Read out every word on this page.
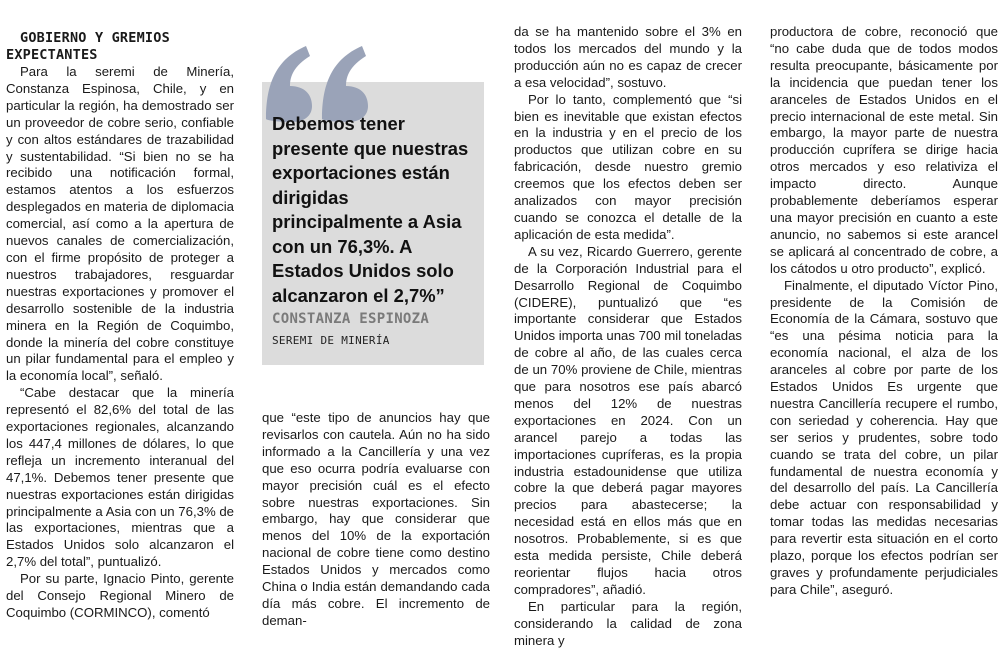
GOBIERNO Y GREMIOS EXPECTANTES

Para la seremi de Minería, Constanza Espinosa, Chile, y en particular la región, ha demostrado ser un proveedor de cobre serio, confiable y con altos estándares de trazabilidad y sustentabilidad. “Si bien no se ha recibido una notificación formal, estamos atentos a los esfuerzos desplegados en materia de diplomacia comercial, así como a la apertura de nuevos canales de comercialización, con el firme propósito de proteger a nuestros trabajadores, resguardar nuestras exportaciones y promover el desarrollo sostenible de la industria minera en la Región de Coquimbo, donde la minería del cobre constituye un pilar fundamental para el empleo y la economía local”, señaló.

“Cabe destacar que la minería representó el 82,6% del total de las exportaciones regionales, alcanzando los 447,4 millones de dólares, lo que refleja un incremento interanual del 47,1%. Debemos tener presente que nuestras exportaciones están dirigidas principalmente a Asia con un 76,3% de las exportaciones, mientras que a Estados Unidos solo alcanzaron el 2,7% del total”, puntualizó.

Por su parte, Ignacio Pinto, gerente del Consejo Regional Minero de Coquimbo (CORMINCO), comentó

Debemos tener presente que nuestras exportaciones están dirigidas principalmente a Asia con un 76,3%. A Estados Unidos solo alcanzaron el 2,7%”
CONSTANZA ESPINOZA
SEREMI DE MINERÍA

que “este tipo de anuncios hay que revisarlos con cautela. Aún no ha sido informado a la Cancillería y una vez que eso ocurra podría evaluarse con mayor precisión cuál es el efecto sobre nuestras exportaciones. Sin embargo, hay que considerar que menos del 10% de la exportación nacional de cobre tiene como destino Estados Unidos y mercados como China o India están demandando cada día más cobre. El incremento de deman-

da se ha mantenido sobre el 3% en todos los mercados del mundo y la producción aún no es capaz de crecer a esa velocidad”, sostuvo.

Por lo tanto, complementó que “si bien es inevitable que existan efectos en la industria y en el precio de los productos que utilizan cobre en su fabricación, desde nuestro gremio creemos que los efectos deben ser analizados con mayor precisión cuando se conozca el detalle de la aplicación de esta medida”.

A su vez, Ricardo Guerrero, gerente de la Corporación Industrial para el Desarrollo Regional de Coquimbo (CIDERE), puntualizó que “es importante considerar que Estados Unidos importa unas 700 mil toneladas de cobre al año, de las cuales cerca de un 70% proviene de Chile, mientras que para nosotros ese país abarcó menos del 12% de nuestras exportaciones en 2024. Con un arancel parejo a todas las importaciones cupríferas, es la propia industria estadounidense que utiliza cobre la que deberá pagar mayores precios para abastecerse; la necesidad está en ellos más que en nosotros. Probablemente, si es que esta medida persiste, Chile deberá reorientar flujos hacia otros compradores”, añadió.

En particular para la región, considerando la calidad de zona minera y

productora de cobre, reconoció que “no cabe duda que de todos modos resulta preocupante, básicamente por la incidencia que puedan tener los aranceles de Estados Unidos en el precio internacional de este metal. Sin embargo, la mayor parte de nuestra producción cuprífera se dirige hacia otros mercados y eso relativiza el impacto directo. Aunque probablemente deberíamos esperar una mayor precisión en cuanto a este anuncio, no sabemos si este arancel se aplicará al concentrado de cobre, a los cátodos u otro producto”, explicó.

Finalmente, el diputado Víctor Pino, presidente de la Comisión de Economía de la Cámara, sostuvo que “es una pésima noticia para la economía nacional, el alza de los aranceles al cobre por parte de los Estados Unidos Es urgente que nuestra Cancillería recupere el rumbo, con seriedad y coherencia. Hay que ser serios y prudentes, sobre todo cuando se trata del cobre, un pilar fundamental de nuestra economía y del desarrollo del país. La Cancillería debe actuar con responsabilidad y tomar todas las medidas necesarias para revertir esta situación en el corto plazo, porque los efectos podrían ser graves y profundamente perjudiciales para Chile”, aseguró.
